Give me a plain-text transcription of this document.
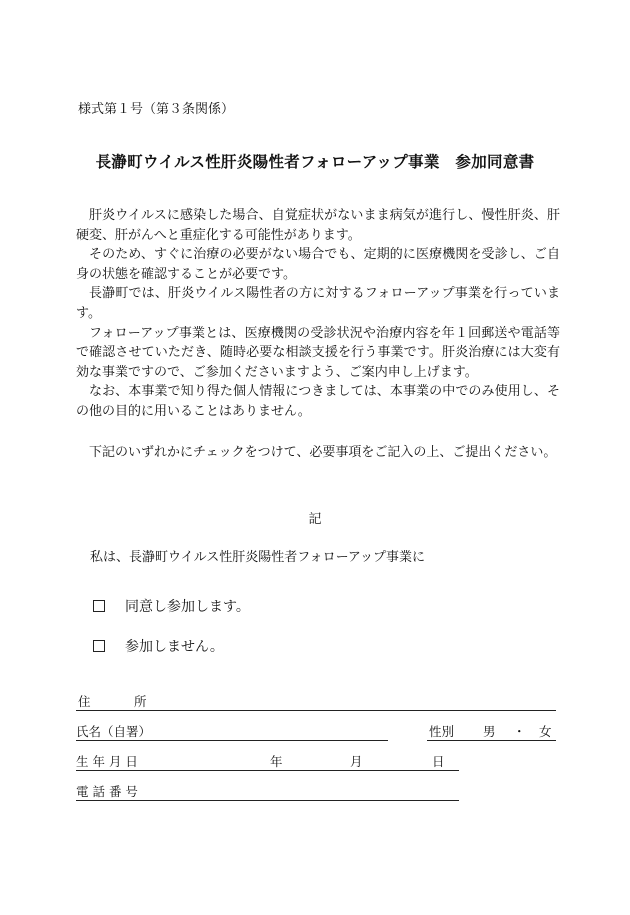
様式第１号（第３条関係）
長瀞町ウイルス性肝炎陽性者フォローアップ事業　参加同意書

肝炎ウイルスに感染した場合、自覚症状がないまま病気が進行し、慢性肝炎、肝硬変、肝がんへと重症化する可能性があります。

そのため、すぐに治療の必要がない場合でも、定期的に医療機関を受診し、ご自身の状態を確認することが必要です。

長瀞町では、肝炎ウイルス陽性者の方に対するフォローアップ事業を行っています。

フォローアップ事業とは、医療機関の受診状況や治療内容を年１回郵送や電話等で確認させていただき、随時必要な相談支援を行う事業です。肝炎治療には大変有効な事業ですので、ご参加くださいますよう、ご案内申し上げます。

なお、本事業で知り得た個人情報につきましては、本事業の中でのみ使用し、その他の目的に用いることはありません。

下記のいずれかにチェックをつけて、必要事項をご記入の上、ご提出ください。

記
私は、長瀞町ウイルス性肝炎陽性者フォローアップ事業に
同意し参加します。
参加しません。
住	所
氏名（自署）	性別 男 ・ 女
生 年 月 日	年	月	日
電 話 番 号
